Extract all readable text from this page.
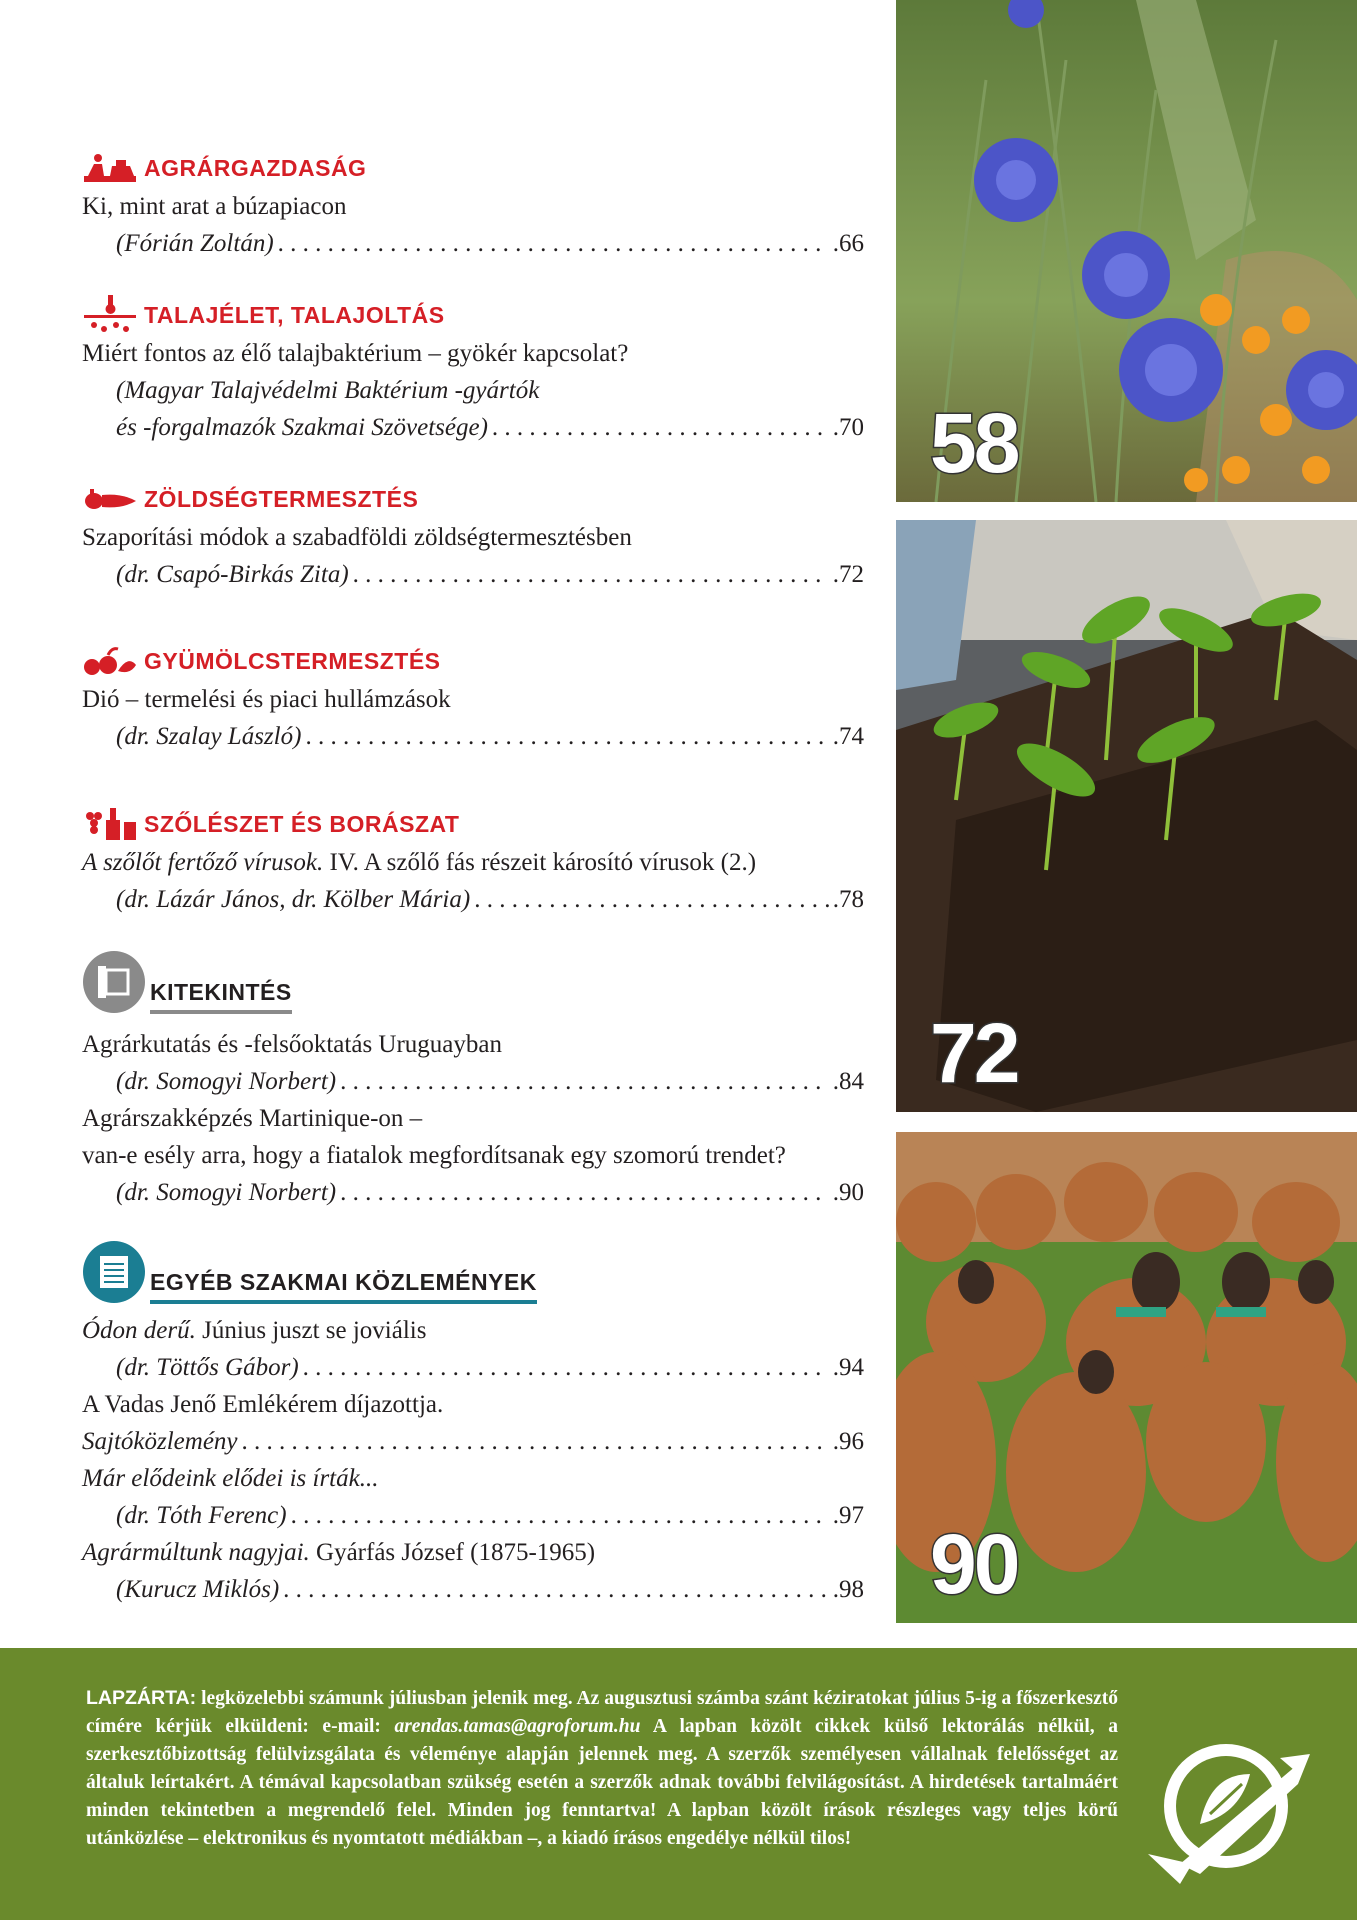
AGRÁRGAZDASÁG
Ki, mint arat a búzapiacon
(Fórián Zoltán) . . .	.66
TALAJÉLET, TALAJOLTÁS
Miért fontos az élő talajbaktérium – gyökér kapcsolat?
(Magyar Talajvédelmi Baktérium -gyártók
és -forgalmazók Szakmai Szövetsége) . . .	.70
ZÖLDSÉGTERMESZTÉS
Szaporítási módok a szabadföldi zöldségtermesztésben
(dr. Csapó-Birkás Zita) . . .	.72
GYÜMÖLCSTERMESZTÉS
Dió – termelési és piaci hullámzások
(dr. Szalay László) . . .	.74
SZŐLÉSZET ÉS BORÁSZAT
A szőlőt fertőző vírusok. IV. A szőlő fás részeit károsító vírusok (2.)
(dr. Lázár János, dr. Kölber Mária) . . .	.78
KITEKINTÉS
Agrárkutatás és -felsőoktatás Uruguayban
(dr. Somogyi Norbert) . . .	.84
Agrárszakképzés Martinique-on –
van-e esély arra, hogy a fiatalok megfordítsanak egy szomorú trendet?
(dr. Somogyi Norbert) . . .	.90
EGYÉB SZAKMAI KÖZLEMÉNYEK
Ódon derű. Június juszt se joviális
(dr. Töttős Gábor) . . .	.94
A Vadas Jenő Emlékérem díjazottja.
Sajtóközlemény . . .	.96
Már elődeink elődei is írták...
(dr. Tóth Ferenc) . . .	.97
Agrármúltunk nagyjai. Gyárfás József (1875-1965)
(Kurucz Miklós) . . .	.98
58
72
90
LAPZÁRTA: legközelebbi számunk júliusban jelenik meg. Az augusztusi számba szánt kéziratokat július 5-ig a főszerkesztő címére kérjük elküldeni: e-mail: arendas.tamas@agroforum.hu A lapban közölt cikkek külső lektorálás nélkül, a szerkesztőbizottság felülvizsgálata és véleménye alapján jelennek meg. A szerzők személyesen vállalnak felelősséget az általuk leírtakért. A témával kapcsolatban szükség esetén a szerzők adnak további felvilágosítást. A hirdetések tartalmáért minden tekintetben a megrendelő felel. Minden jog fenntartva! A lapban közölt írások részleges vagy teljes körű utánközlése – elektronikus és nyomtatott médiákban –, a kiadó írásos engedélye nélkül tilos!
